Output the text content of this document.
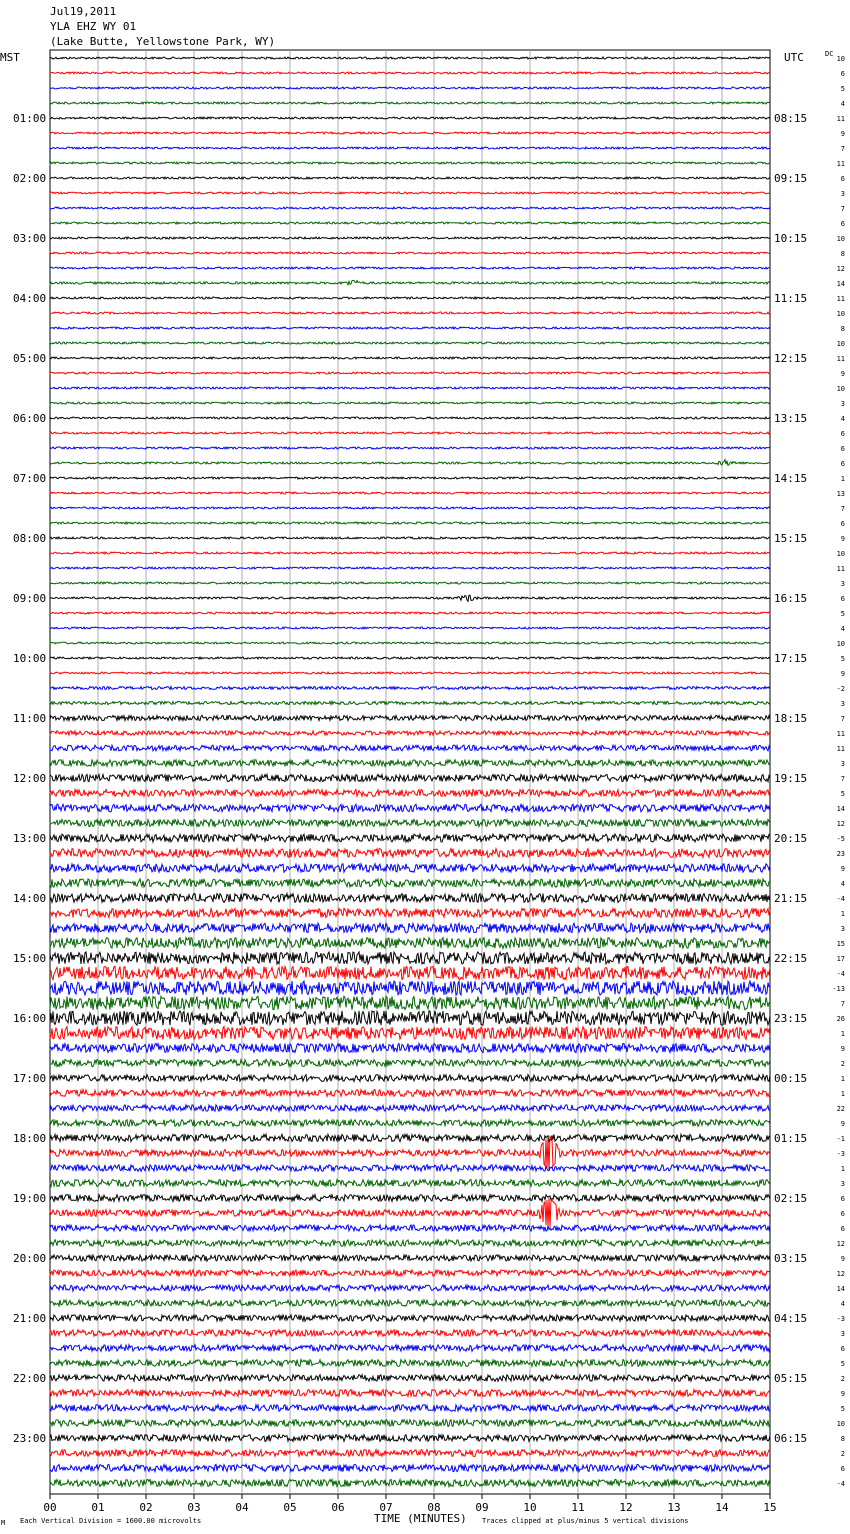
Jul19,2011
YLA EHZ WY 01
(Lake Butte, Yellowstone Park, WY)
MST	UTC	DC
01:00
02:00
03:00
04:00
05:00
06:00
07:00
08:00
09:00
10:00
11:00
12:00
13:00
14:00
15:00
16:00
17:00
18:00
19:00
20:00
21:00
22:00
23:00
08:15
09:15
10:15
11:15
12:15
13:15
14:15
15:15
16:15
17:15
18:15
19:15
20:15
21:15
22:15
23:15
00:15
01:15
02:15
03:15
04:15
05:15
06:15
10
6
5
4
11
9
7
11
6
3
7
6
10
8
12
14
11
10
8
10
11
9
10
3
4
6
6
6
1
13
7
6
9
10
11
3
6
5
4
10
5
9
-2
3
7
11
11
3
7
5
14
12
-5
23
9
4
-4
1
3
15
17
-4
-13
7
26
1
9
2
1
1
22
9
-1
-3
1
3
6
6
6
12
9
12
14
4
-3
3
6
5
2
9
5
10
8
2
6
-4
00	01	02	03	04	05	06	07	08	09	10	11	12	13	14	15
TIME (MINUTES)
Each Vertical Division = 1600.00 microvolts	Traces clipped at plus/minus 5 vertical divisions
M
